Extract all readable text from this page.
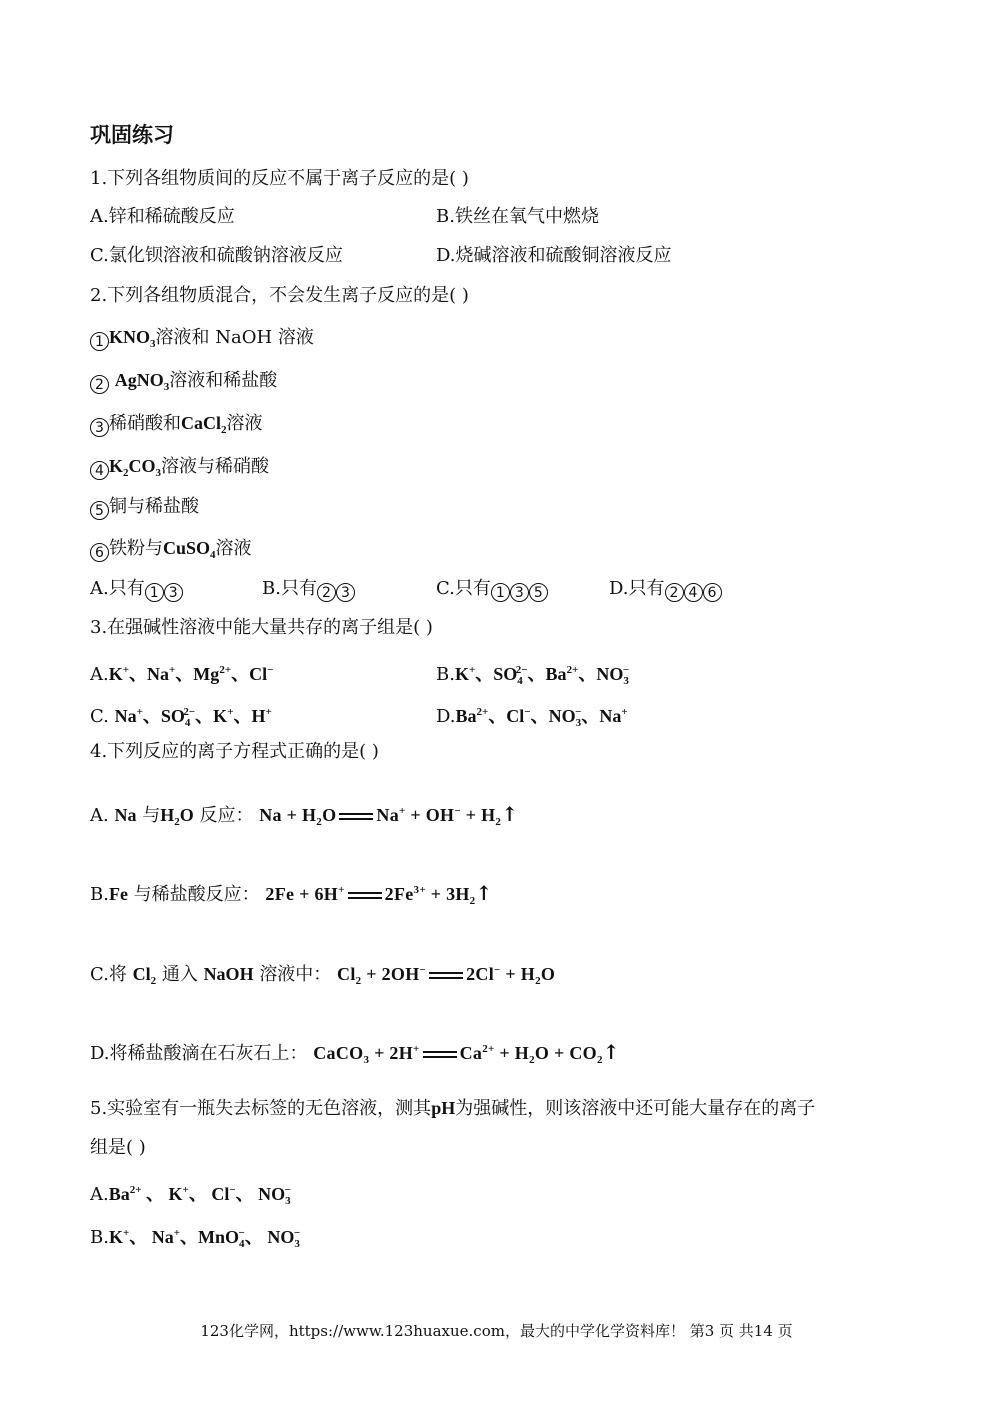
巩固练习
1.下列各组物质间的反应不属于离子反应的是( )
A.锌和稀硫酸反应	B.铁丝在氧气中燃烧
C.氯化钡溶液和硫酸钠溶液反应	D.烧碱溶液和硫酸铜溶液反应
2.下列各组物质混合，不会发生离子反应的是( )
1 $KNO_3$溶液和 NaOH 溶液
2 AgNO$_3$溶液和稀盐酸
3 稀硝酸和CaCl$_2$溶液
4 $K_2CO_3$溶液与稀硝酸
5 铜与稀盐酸
6 铁粉与CuSO$_4$溶液
A.只有 1 3	B.只有 2 3	C.只有 1 3 5	D.只有 2 4 6
3.在强碱性溶液中能大量共存的离子组是( )
A.K+、Na+、$Mg^{2+}$、Cl−	B.K+、$SO_4^{2-}$、$Ba^{2+}$、$NO_3^-$
C. Na+、$SO_4^{2-}$、K+、H+	$D.Ba^{2+}$、Cl−、$NO_3^-$、Na+
4.下列反应的离子方程式正确的是( )
A. Na 与$H_2O$ 反应： $Na + H_2O$ $Na^+ + OH^- + H_2↑$
B.Fe 与稀盐酸反应： 2Fe + 6H+ $2Fe^{3+}$ + $3H_2↑$
C.将 $Cl_2$ 通入 NaOH 溶液中： $Cl_2 + 2OH^-$ $2Cl^- + H_2O$
D.将稀盐酸滴在石灰石上： CaCO$_3$ + 2H+ $Ca^{2+} + H_2O$ + $CO_2↑$
5.实验室有一瓶失去标签的无色溶液，测其pH为强碱性，则该溶液中还可能大量存在的离子
组是( )
$A.Ba^{2+}$ 、 K+、 Cl−、 $NO_3^-$
B.K+、 Na+、MnO$_4$−、 $NO_3^-$
123化学网，https://www.123huaxue.com，最大的中学化学资料库！ 第3 页 共14 页
